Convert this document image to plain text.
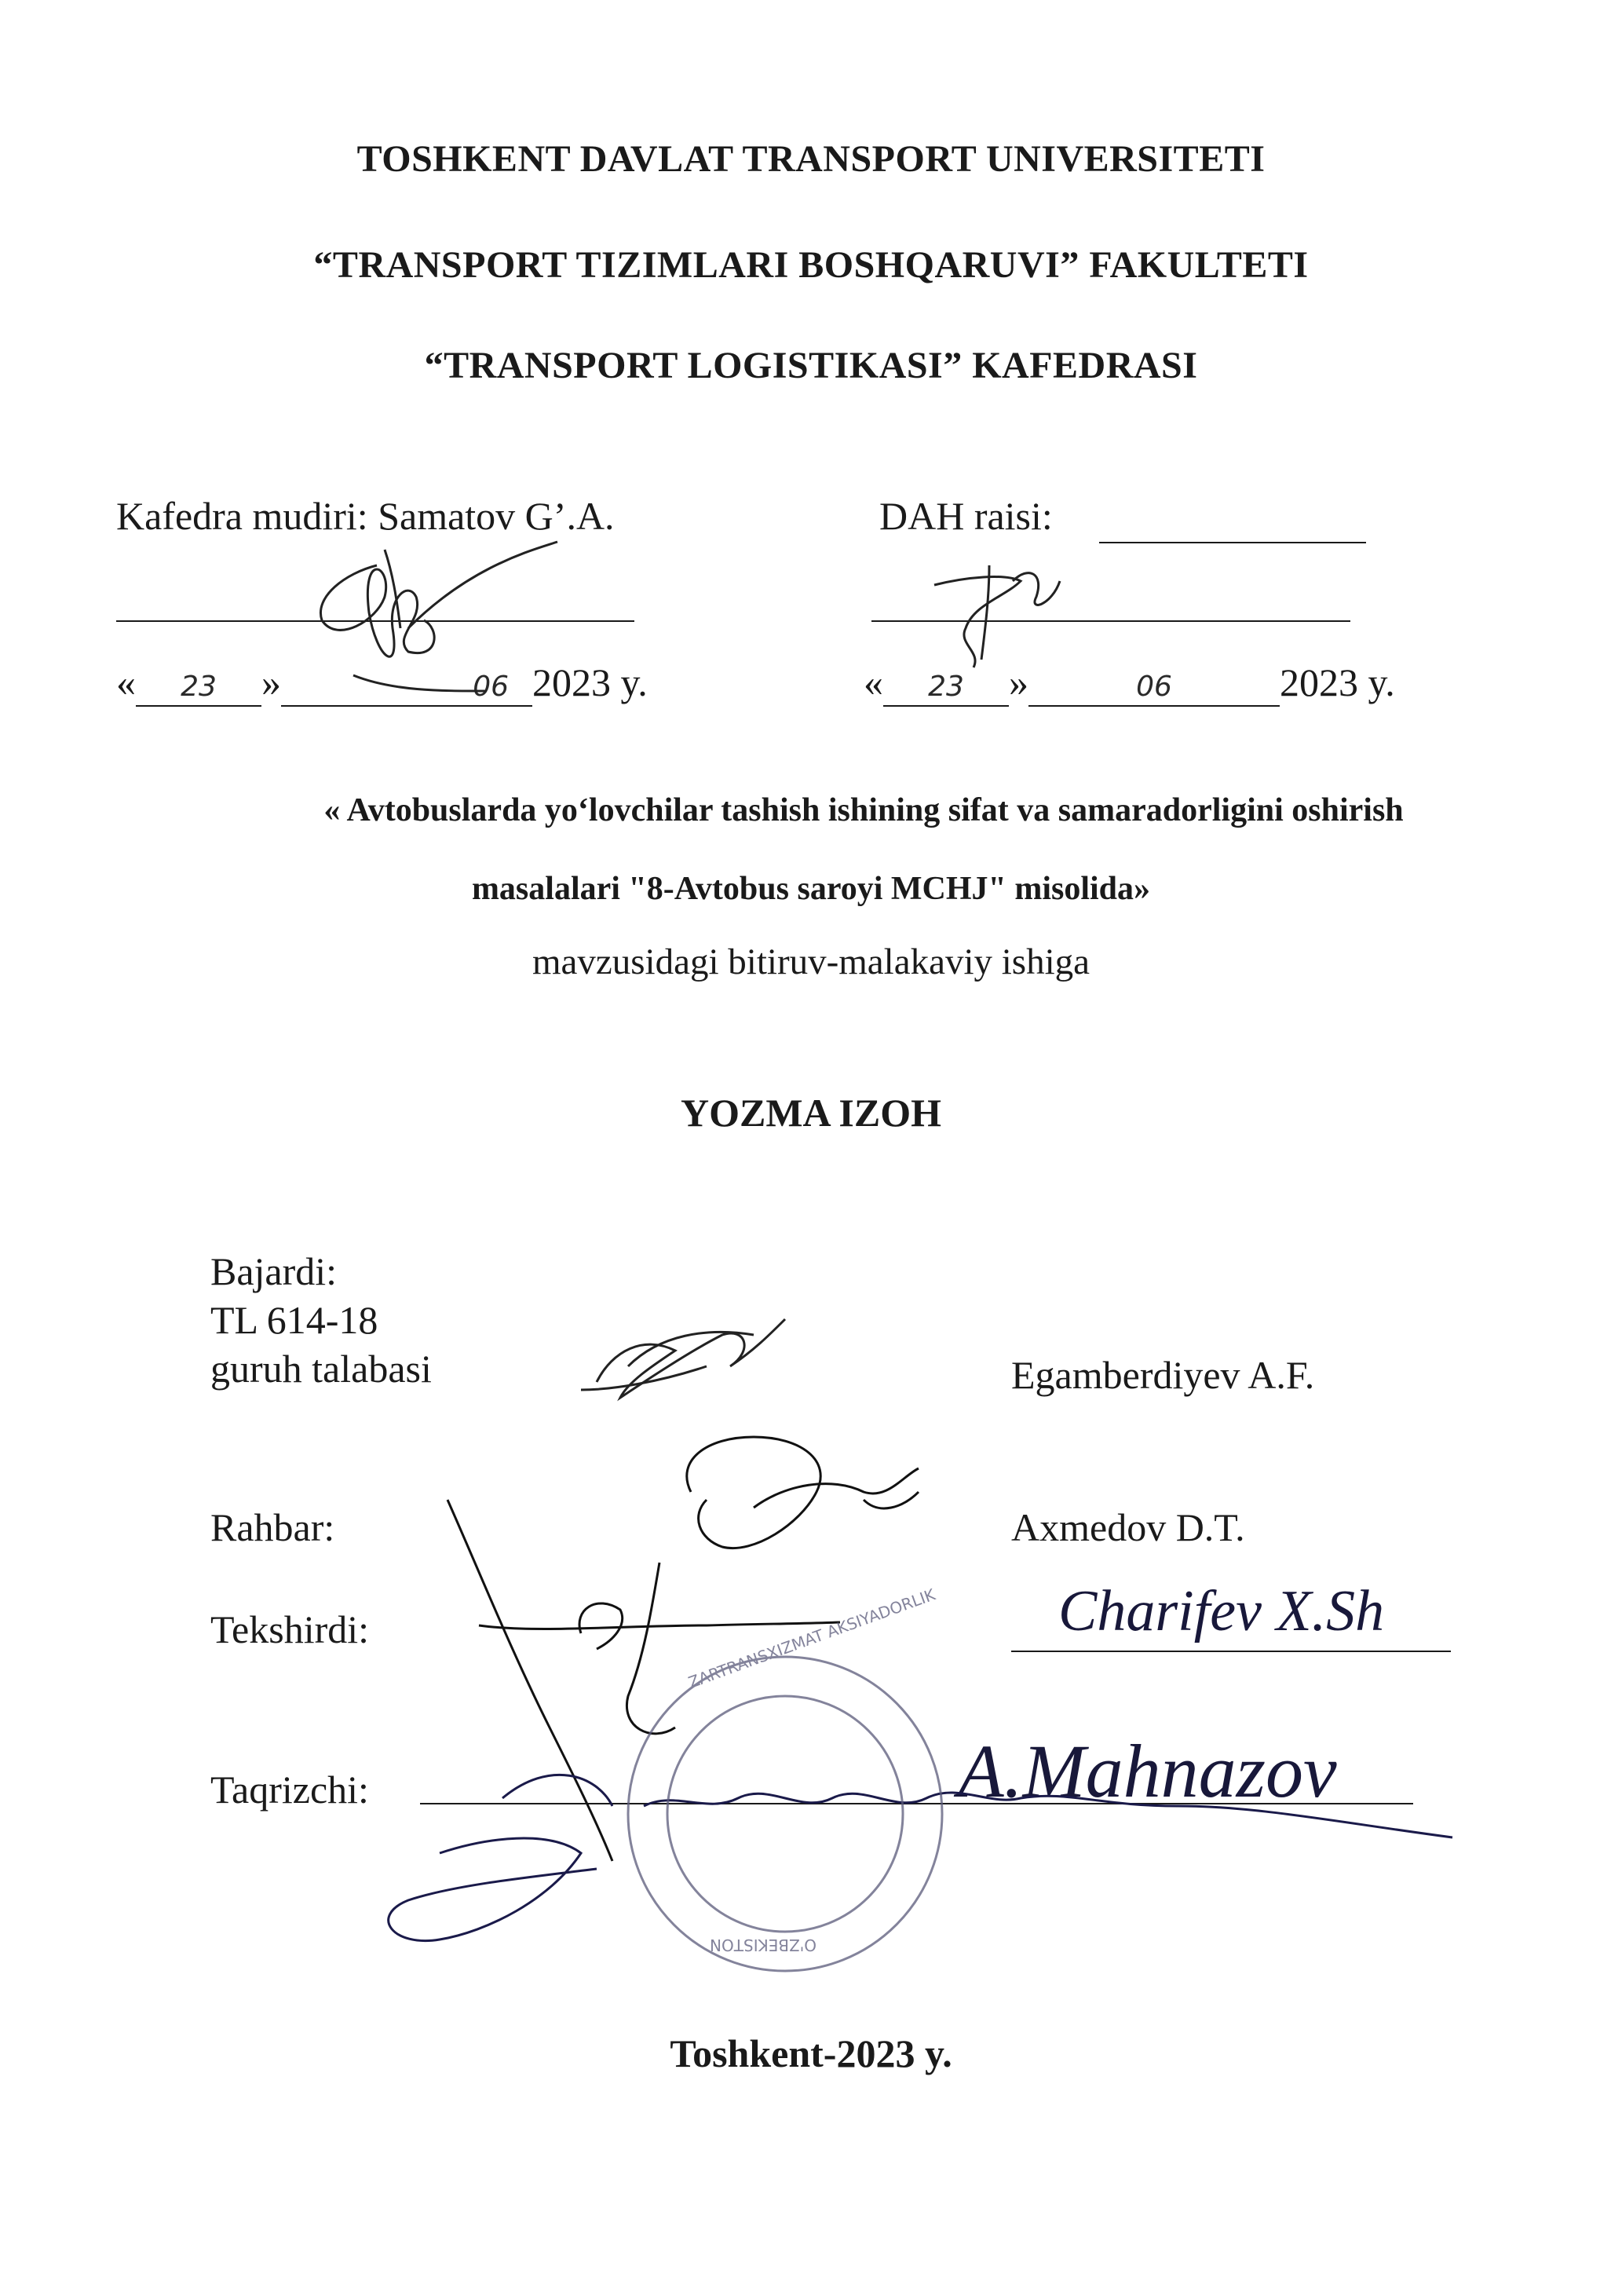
TOSHKENT DAVLAT TRANSPORT UNIVERSITETI
“TRANSPORT TIZIMLARI BOSHQARUVI” FAKULTETI
“TRANSPORT LOGISTIKASI” KAFEDRASI
Kafedra mudiri: Samatov G’.A.
« 23 »	06 2023 y.
DAH raisi:
« 23 »	06	2023 y.
« Avtobuslarda yo‘lovchilar tashish ishining sifat va samaradorligini oshirish
masalalari "8-Avtobus saroyi MCHJ" misolida»
mavzusidagi bitiruv-malakaviy ishiga
YOZMA IZOH
Bajardi:
TL 614-18
guruh talabasi	Egamberdiyev A.F.
Rahbar:	Axmedov D.T.
Tekshirdi:	Charifev X.Sh
Taqrizchi:	A.Mahnazov
Toshkent-2023 y.
ZARTRANSXIZMAT AKSIYADORLIK
O'ZBEKISTON
